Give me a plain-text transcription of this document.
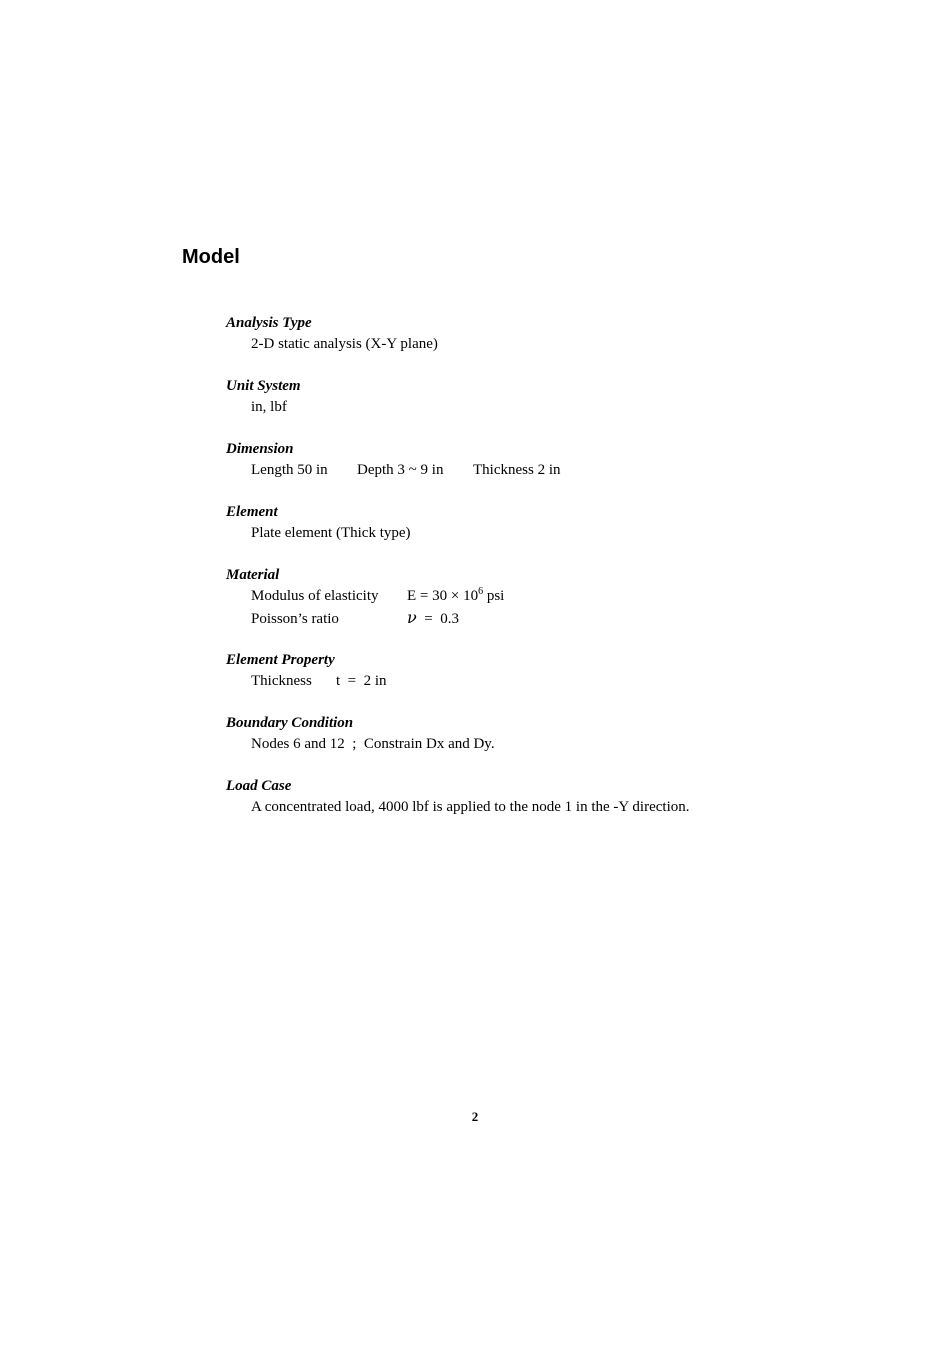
Model
Analysis Type
2-D static analysis (X-Y plane)
Unit System
in, lbf
Dimension
Length 50 in	Depth 3 ~ 9 in	Thickness 2 in
Element
Plate element (Thick type)
Material
Modulus of elasticity	$E = 30 \times 10^6$ psi
Poisson’s ratio	ν  =  0.3
Element Property
Thickness	t  =  2 in
Boundary Condition
Nodes 6 and 12  ;  Constrain Dx and Dy.
Load Case
A concentrated load, 4000 lbf is applied to the node 1 in the -Y direction.
2
